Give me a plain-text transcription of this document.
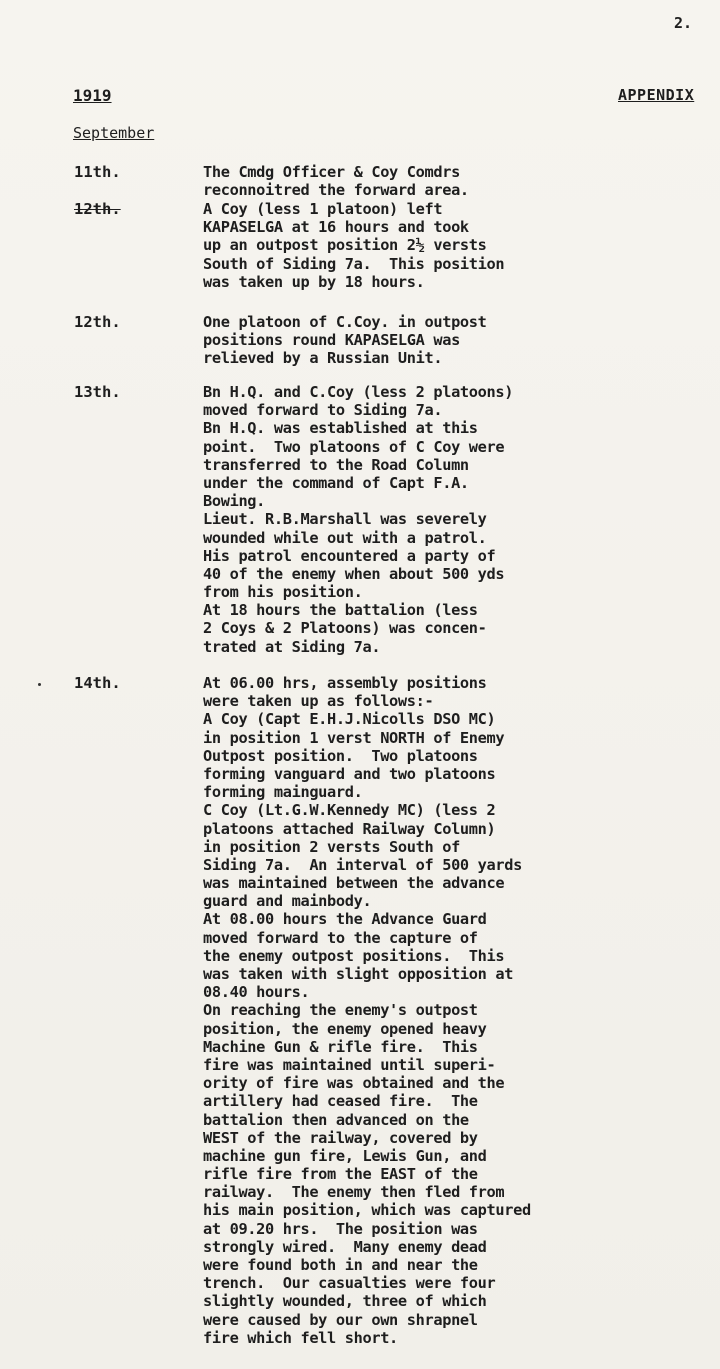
2.
1919	APPENDIX
September
11th.	The Cmdg Officer & Coy Comdrs
reconnoitred the forward area.
12th.	A Coy (less 1 platoon) left
KAPASELGA at 16 hours and took
up an outpost position 2½ versts
South of Siding 7a.  This position
was taken up by 18 hours.
12th.	One platoon of C.Coy. in outpost
positions round KAPASELGA was
relieved by a Russian Unit.
13th.	Bn H.Q. and C.Coy (less 2 platoons)
moved forward to Siding 7a.
Bn H.Q. was established at this
point.  Two platoons of C Coy were
transferred to the Road Column
under the command of Capt F.A.
Bowing.
Lieut. R.B.Marshall was severely
wounded while out with a patrol.
His patrol encountered a party of
40 of the enemy when about 500 yds
from his position.
At 18 hours the battalion (less
2 Coys & 2 Platoons) was concen-
trated at Siding 7a.
14th.	At 06.00 hrs, assembly positions
were taken up as follows:-
A Coy (Capt E.H.J.Nicolls DSO MC)
in position 1 verst NORTH of Enemy
Outpost position.  Two platoons
forming vanguard and two platoons
forming mainguard.
C Coy (Lt.G.W.Kennedy MC) (less 2
platoons attached Railway Column)
in position 2 versts South of
Siding 7a.  An interval of 500 yards
was maintained between the advance
guard and mainbody.
At 08.00 hours the Advance Guard
moved forward to the capture of
the enemy outpost positions.  This
was taken with slight opposition at
08.40 hours.
On reaching the enemy's outpost
position, the enemy opened heavy
Machine Gun & rifle fire.  This
fire was maintained until superi-
ority of fire was obtained and the
artillery had ceased fire.  The
battalion then advanced on the
WEST of the railway, covered by
machine gun fire, Lewis Gun, and
rifle fire from the EAST of the
railway.  The enemy then fled from
his main position, which was captured
at 09.20 hrs.  The position was
strongly wired.  Many enemy dead
were found both in and near the
trench.  Our casualties were four
slightly wounded, three of which
were caused by our own shrapnel
fire which fell short.
